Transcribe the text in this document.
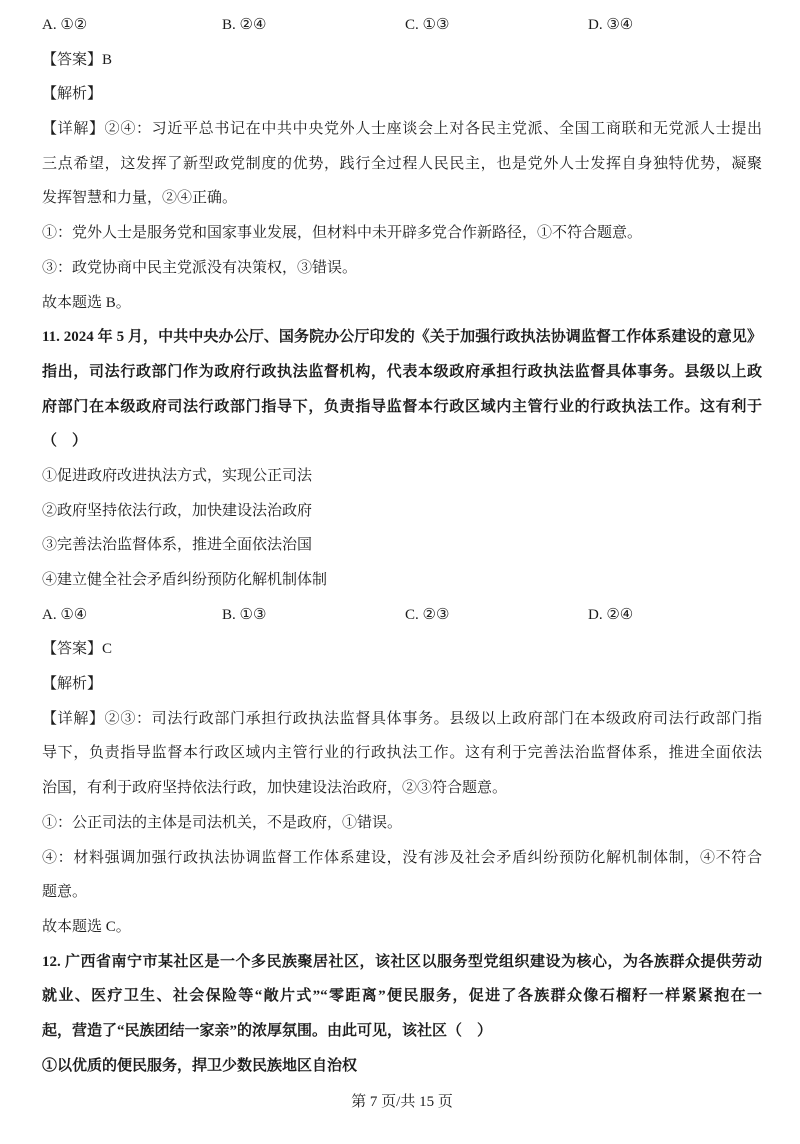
A. ①②	B. ②④	C. ①③	D. ③④
【答案】B
【解析】
【详解】②④：习近平总书记在中共中央党外人士座谈会上对各民主党派、全国工商联和无党派人士提出
三点希望，这发挥了新型政党制度的优势，践行全过程人民民主，也是党外人士发挥自身独特优势，凝聚
发挥智慧和力量，②④正确。
①：党外人士是服务党和国家事业发展，但材料中未开辟多党合作新路径，①不符合题意。
③：政党协商中民主党派没有决策权，③错误。
故本题选 B。
11. 2024 年 5 月，中共中央办公厅、国务院办公厅印发的《关于加强行政执法协调监督工作体系建设的意见》
指出，司法行政部门作为政府行政执法监督机构，代表本级政府承担行政执法监督具体事务。县级以上政
府部门在本级政府司法行政部门指导下，负责指导监督本行政区域内主管行业的行政执法工作。这有利于
（　）
①促进政府改进执法方式，实现公正司法
②政府坚持依法行政，加快建设法治政府
③完善法治监督体系，推进全面依法治国
④建立健全社会矛盾纠纷预防化解机制体制
A. ①④	B. ①③	C. ②③	D. ②④
【答案】C
【解析】
【详解】②③：司法行政部门承担行政执法监督具体事务。县级以上政府部门在本级政府司法行政部门指
导下，负责指导监督本行政区域内主管行业的行政执法工作。这有利于完善法治监督体系，推进全面依法
治国，有利于政府坚持依法行政，加快建设法治政府，②③符合题意。
①：公正司法的主体是司法机关，不是政府，①错误。
④：材料强调加强行政执法协调监督工作体系建设，没有涉及社会矛盾纠纷预防化解机制体制，④不符合
题意。
故本题选 C。
12. 广西省南宁市某社区是一个多民族聚居社区，该社区以服务型党组织建设为核心，为各族群众提供劳动
就业、医疗卫生、社会保险等“敞片式”“零距离”便民服务，促进了各族群众像石榴籽一样紧紧抱在一
起，营造了“民族团结一家亲”的浓厚氛围。由此可见，该社区（　）
①以优质的便民服务，捍卫少数民族地区自治权
第 7 页/共 15 页
